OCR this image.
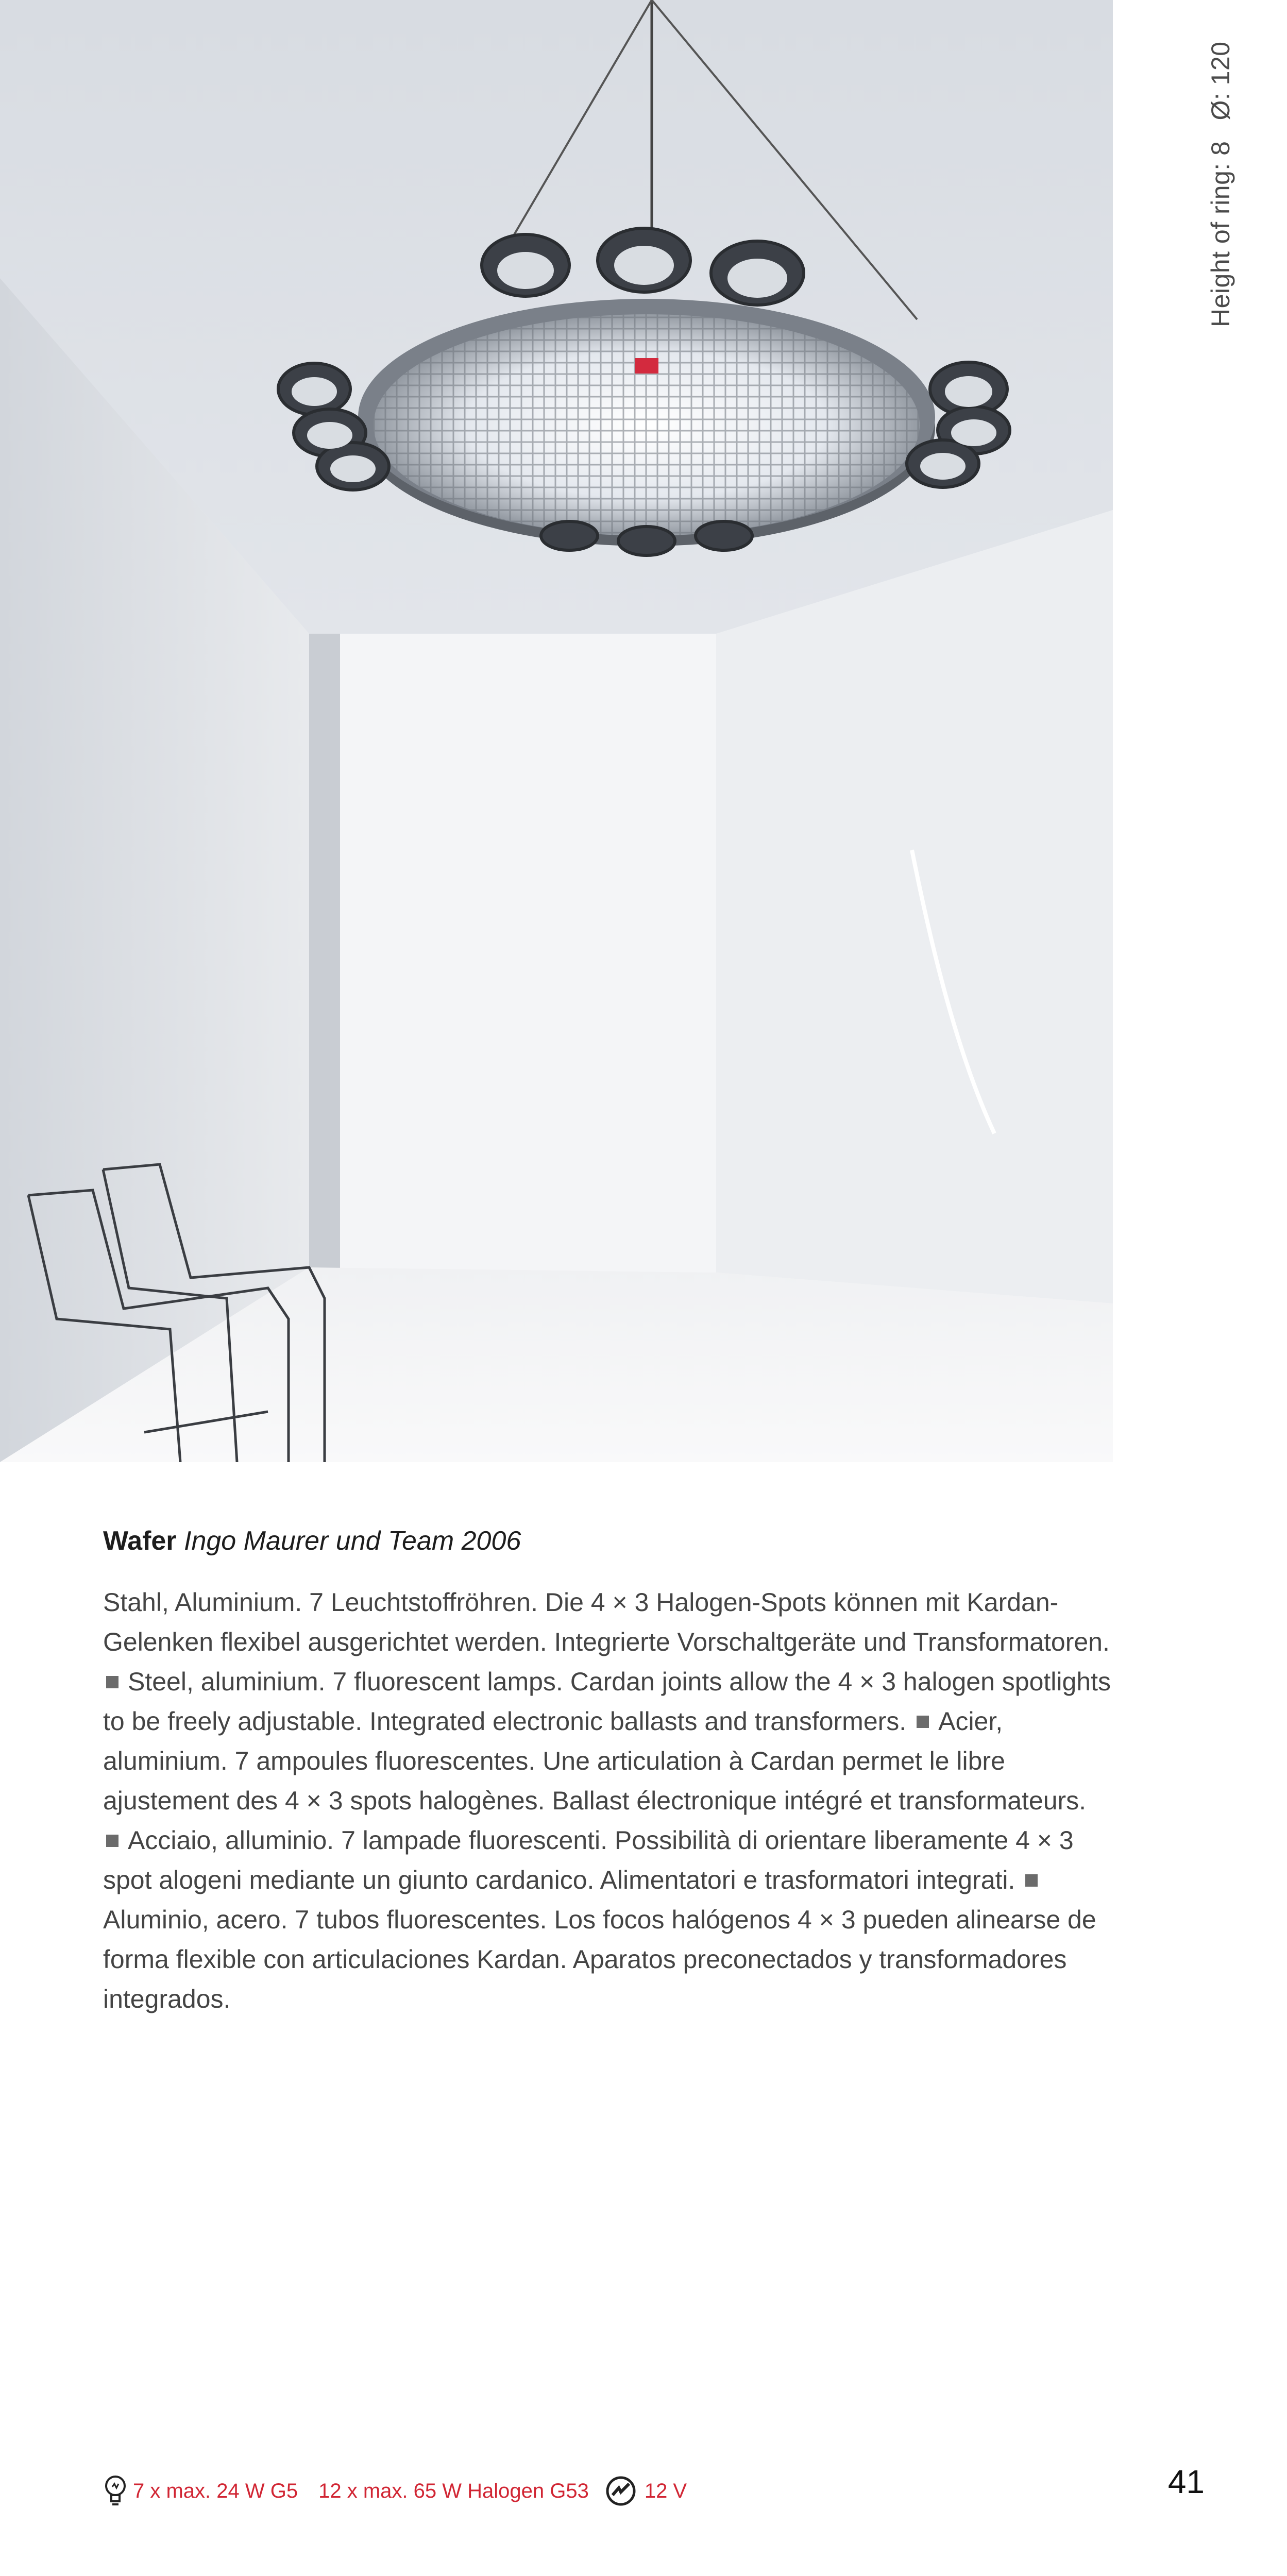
Height of ring: 8Ø: 120

Wafer Ingo Maurer und Team 2006

Stahl, Aluminium. 7 Leuchtstoffröhren. Die 4 × 3 Halogen-Spots können mit Kardan-Gelenken flexibel ausgerichtet werden. Integrierte Vorschaltgeräte und Transformatoren. Steel, aluminium. 7 fluorescent lamps. Cardan joints allow the 4 × 3 halogen spotlights to be freely adjustable. Integrated electronic ballasts and transformers. Acier, aluminium. 7 ampoules fluorescentes. Une articulation à Cardan permet le libre ajustement des 4 × 3 spots halogènes. Ballast électronique intégré et transformateurs. Acciaio, alluminio. 7 lampade fluorescenti. Possibilità di orientare liberamente 4 × 3 spot alogeni mediante un giunto cardanico. Alimentatori e trasformatori integrati. Aluminio, acero. 7 tubos fluorescentes. Los focos halógenos 4 × 3 pueden alinearse de forma flexible con articulaciones Kardan. Aparatos preconectados y transformadores integrados.

7 x max. 24 W G5 12 x max. 65 W Halogen G53	12 V	41
